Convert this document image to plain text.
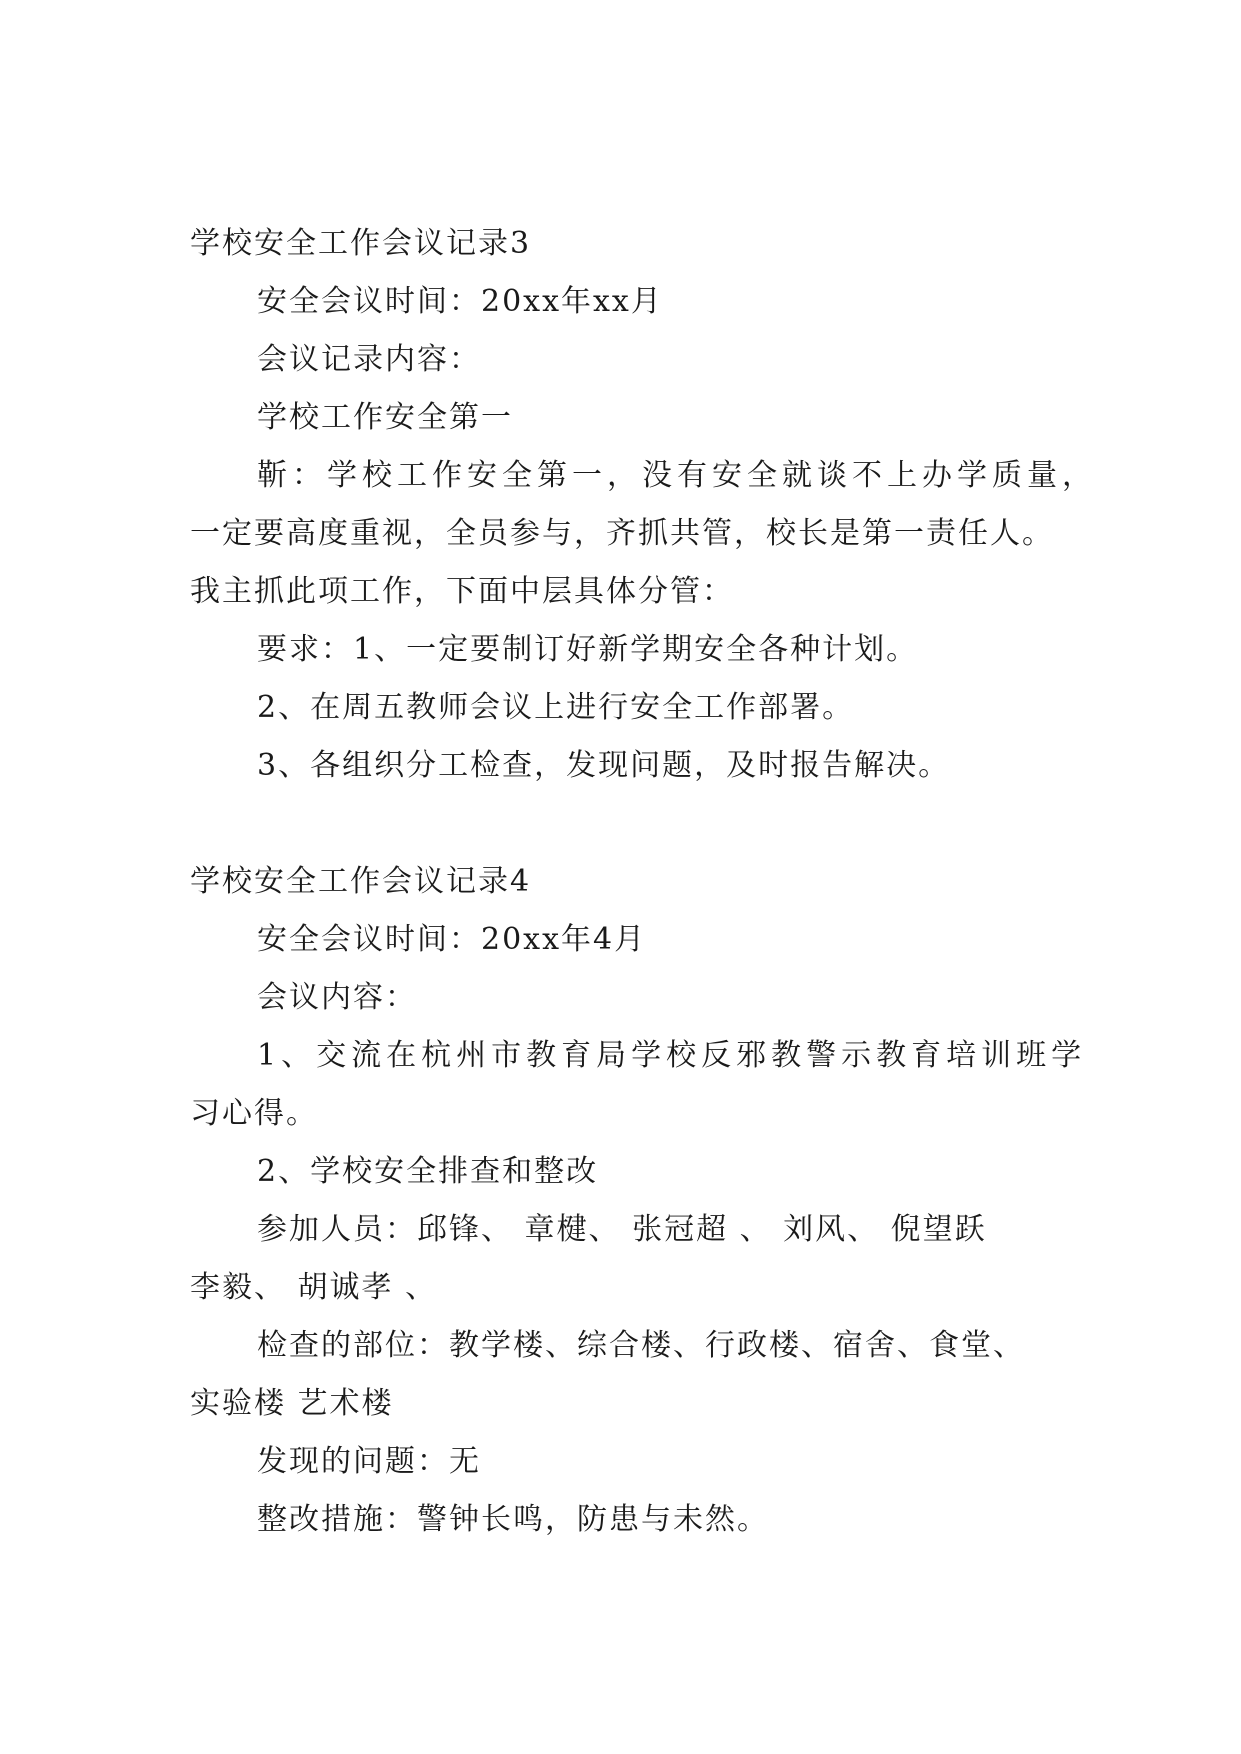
学校安全工作会议记录3
安全会议时间：20xx年xx月
会议记录内容：
学校工作安全第一
靳：学校工作安全第一，没有安全就谈不上办学质量，
一定要高度重视，全员参与，齐抓共管，校长是第一责任人。
我主抓此项工作，下面中层具体分管：
要求：1、一定要制订好新学期安全各种计划。
2、在周五教师会议上进行安全工作部署。
3、各组织分工检查，发现问题，及时报告解决。
学校安全工作会议记录4
安全会议时间：20xx年4月
会议内容：
1、交流在杭州市教育局学校反邪教警示教育培训班学
习心得。
2、学校安全排查和整改
参加人员：邱锋、 章楗、 张冠超 、 刘风、 倪望跃
李毅、 胡诚孝 、
检查的部位：教学楼、综合楼、行政楼、宿舍、食堂、
实验楼 艺术楼
发现的问题：无
整改措施：警钟长鸣，防患与未然。
